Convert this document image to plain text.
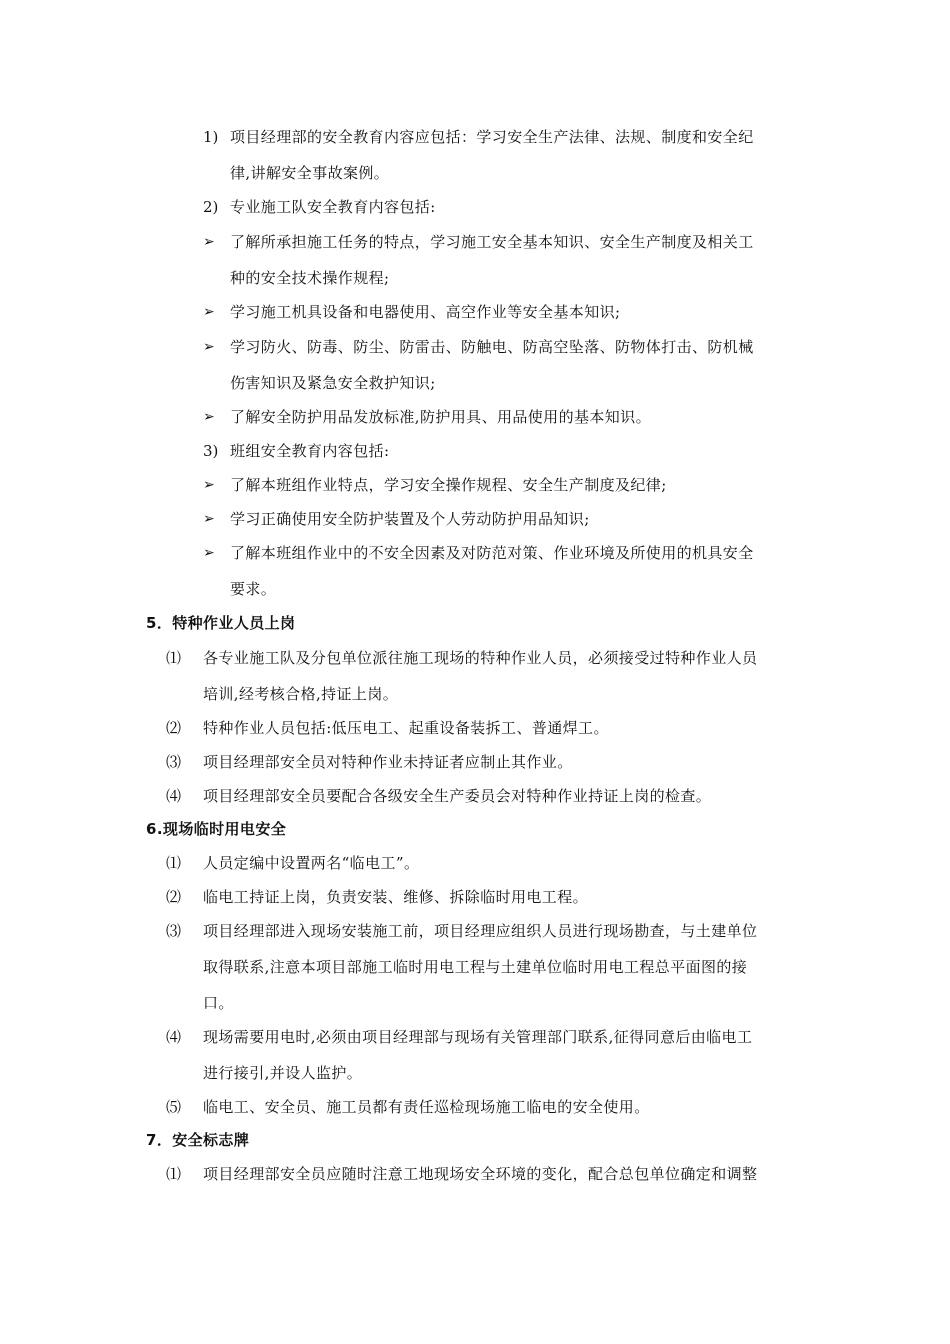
1) 项目经理部的安全教育内容应包括：学习安全生产法律、法规、制度和安全纪
律,讲解安全事故案例。
2) 专业施工队安全教育内容包括:
➢ 了解所承担施工任务的特点，学习施工安全基本知识、安全生产制度及相关工
种的安全技术操作规程;
➢ 学习施工机具设备和电器使用、高空作业等安全基本知识;
➢ 学习防火、防毒、防尘、防雷击、防触电、防高空坠落、防物体打击、防机械
伤害知识及紧急安全救护知识;
➢ 了解安全防护用品发放标准,防护用具、用品使用的基本知识。
3) 班组安全教育内容包括:
➢ 了解本班组作业特点，学习安全操作规程、安全生产制度及纪律;
➢ 学习正确使用安全防护装置及个人劳动防护用品知识;
➢ 了解本班组作业中的不安全因素及对防范对策、作业环境及所使用的机具安全
要求。
5．特种作业人员上岗
⑴ 各专业施工队及分包单位派往施工现场的特种作业人员，必须接受过特种作业人员
培训,经考核合格,持证上岗。
⑵ 特种作业人员包括:低压电工、起重设备装拆工、普通焊工。
⑶ 项目经理部安全员对特种作业未持证者应制止其作业。
⑷ 项目经理部安全员要配合各级安全生产委员会对特种作业持证上岗的检查。
6.现场临时用电安全
⑴ 人员定编中设置两名“临电工”。
⑵ 临电工持证上岗，负责安装、维修、拆除临时用电工程。
⑶ 项目经理部进入现场安装施工前，项目经理应组织人员进行现场勘查，与土建单位
取得联系,注意本项目部施工临时用电工程与土建单位临时用电工程总平面图的接
口。
⑷ 现场需要用电时,必须由项目经理部与现场有关管理部门联系,征得同意后由临电工
进行接引,并设人监护。
⑸ 临电工、安全员、施工员都有责任巡检现场施工临电的安全使用。
7．安全标志牌
⑴ 项目经理部安全员应随时注意工地现场安全环境的变化，配合总包单位确定和调整
